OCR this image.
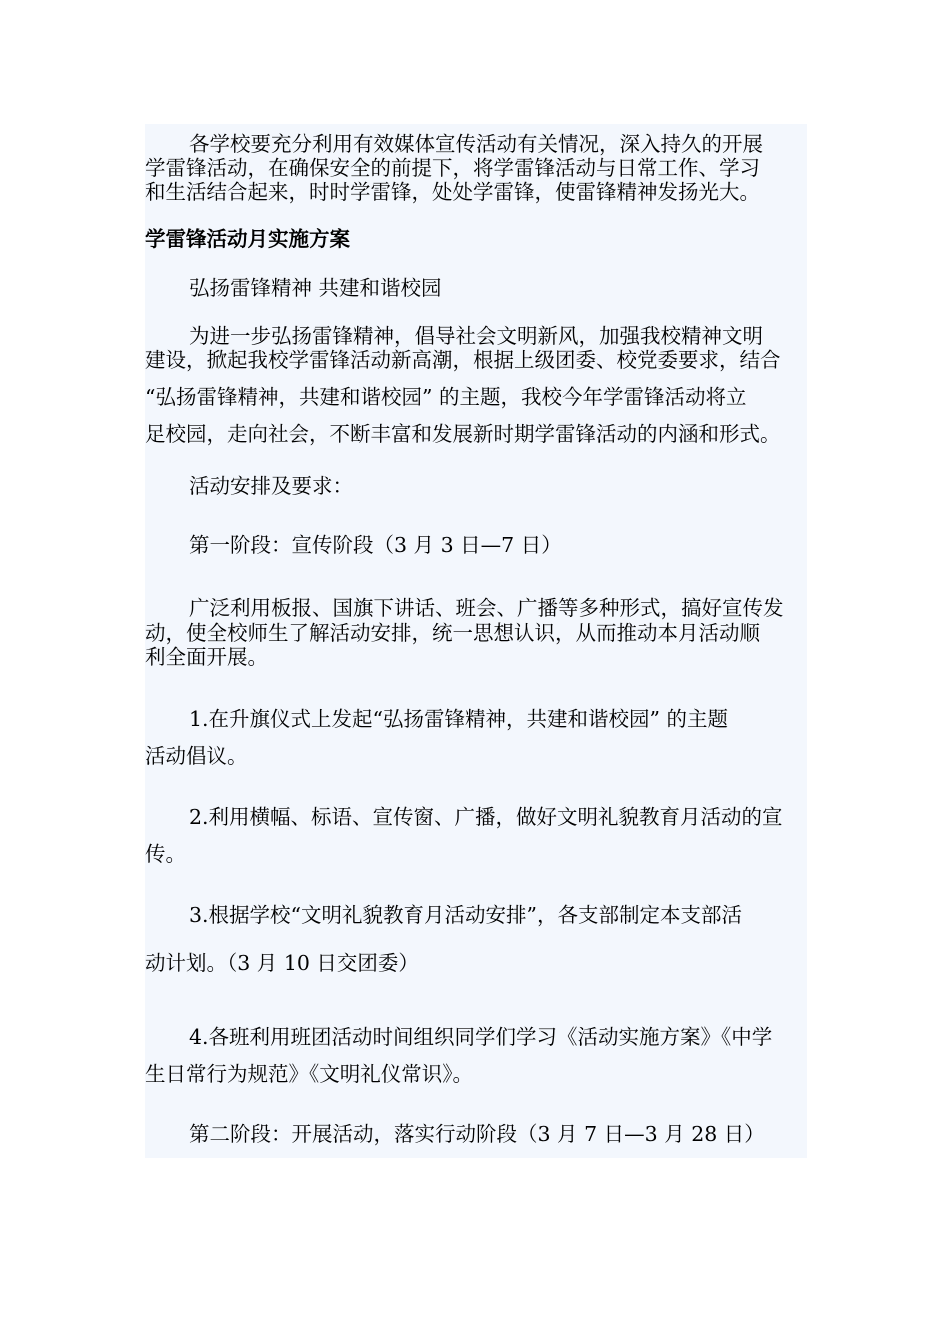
各学校要充分利用有效媒体宣传活动有关情况，深入持久的开展
学雷锋活动，在确保安全的前提下，将学雷锋活动与日常工作、学习
和生活结合起来，时时学雷锋，处处学雷锋，使雷锋精神发扬光大。
学雷锋活动月实施方案
弘扬雷锋精神 共建和谐校园
为进一步弘扬雷锋精神，倡导社会文明新风，加强我校精神文明
建设，掀起我校学雷锋活动新高潮，根据上级团委、校党委要求，结合
“弘扬雷锋精神，共建和谐校园” 的主题，我校今年学雷锋活动将立
足校园，走向社会，不断丰富和发展新时期学雷锋活动的内涵和形式。
活动安排及要求：
第一阶段：宣传阶段（3 月 3 日—7 日）
广泛利用板报、国旗下讲话、班会、广播等多种形式，搞好宣传发
动，使全校师生了解活动安排，统一思想认识，从而推动本月活动顺
利全面开展。
1.在升旗仪式上发起“弘扬雷锋精神，共建和谐校园” 的主题
活动倡议。
2.利用横幅、标语、宣传窗、广播，做好文明礼貌教育月活动的宣
传。
3.根据学校“文明礼貌教育月活动安排”，各支部制定本支部活
动计划。（3 月 10 日交团委）
4.各班利用班团活动时间组织同学们学习《活动实施方案》《中学
生日常行为规范》《文明礼仪常识》。
第二阶段：开展活动，落实行动阶段（3 月 7 日—3 月 28 日）
